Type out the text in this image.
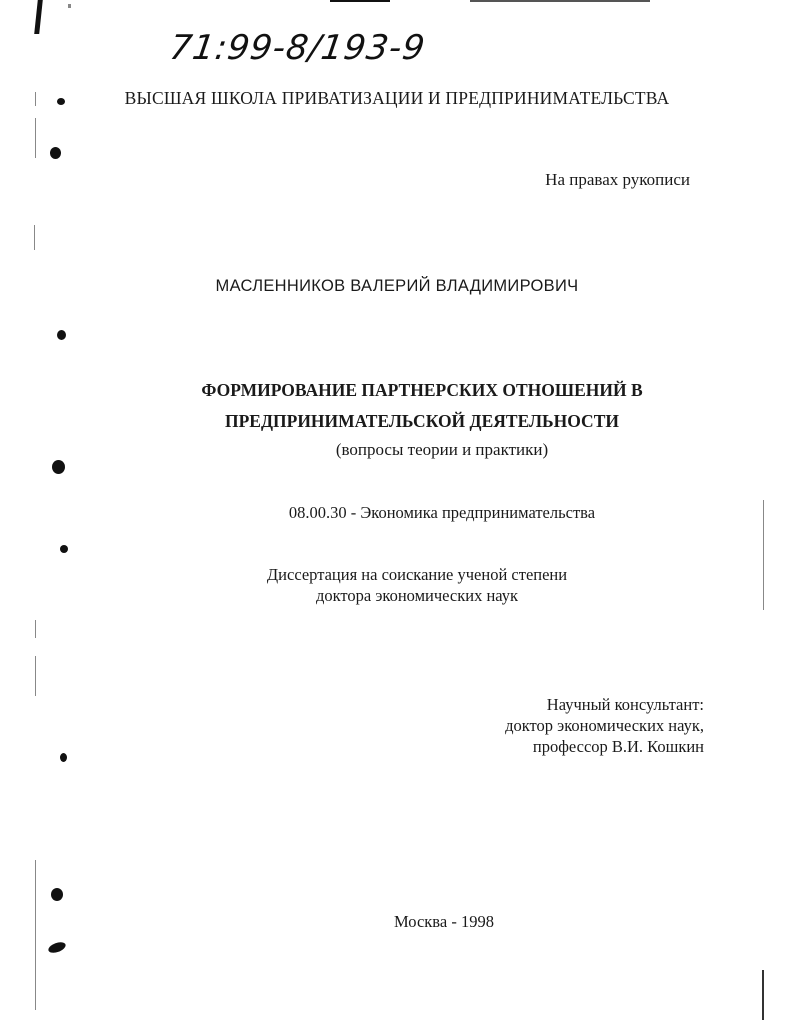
71:99-8/193-9
ВЫСШАЯ ШКОЛА ПРИВАТИЗАЦИИ И ПРЕДПРИНИМАТЕЛЬСТВА
На правах рукописи
МАСЛЕННИКОВ ВАЛЕРИЙ ВЛАДИМИРОВИЧ
ФОРМИРОВАНИЕ ПАРТНЕРСКИХ ОТНОШЕНИЙ В
ПРЕДПРИНИМАТЕЛЬСКОЙ ДЕЯТЕЛЬНОСТИ
(вопросы теории и практики)
08.00.30 - Экономика предпринимательства
Диссертация на соискание ученой степени
доктора экономических наук
Научный консультант:
доктор экономических наук,
профессор В.И. Кошкин
Москва - 1998
